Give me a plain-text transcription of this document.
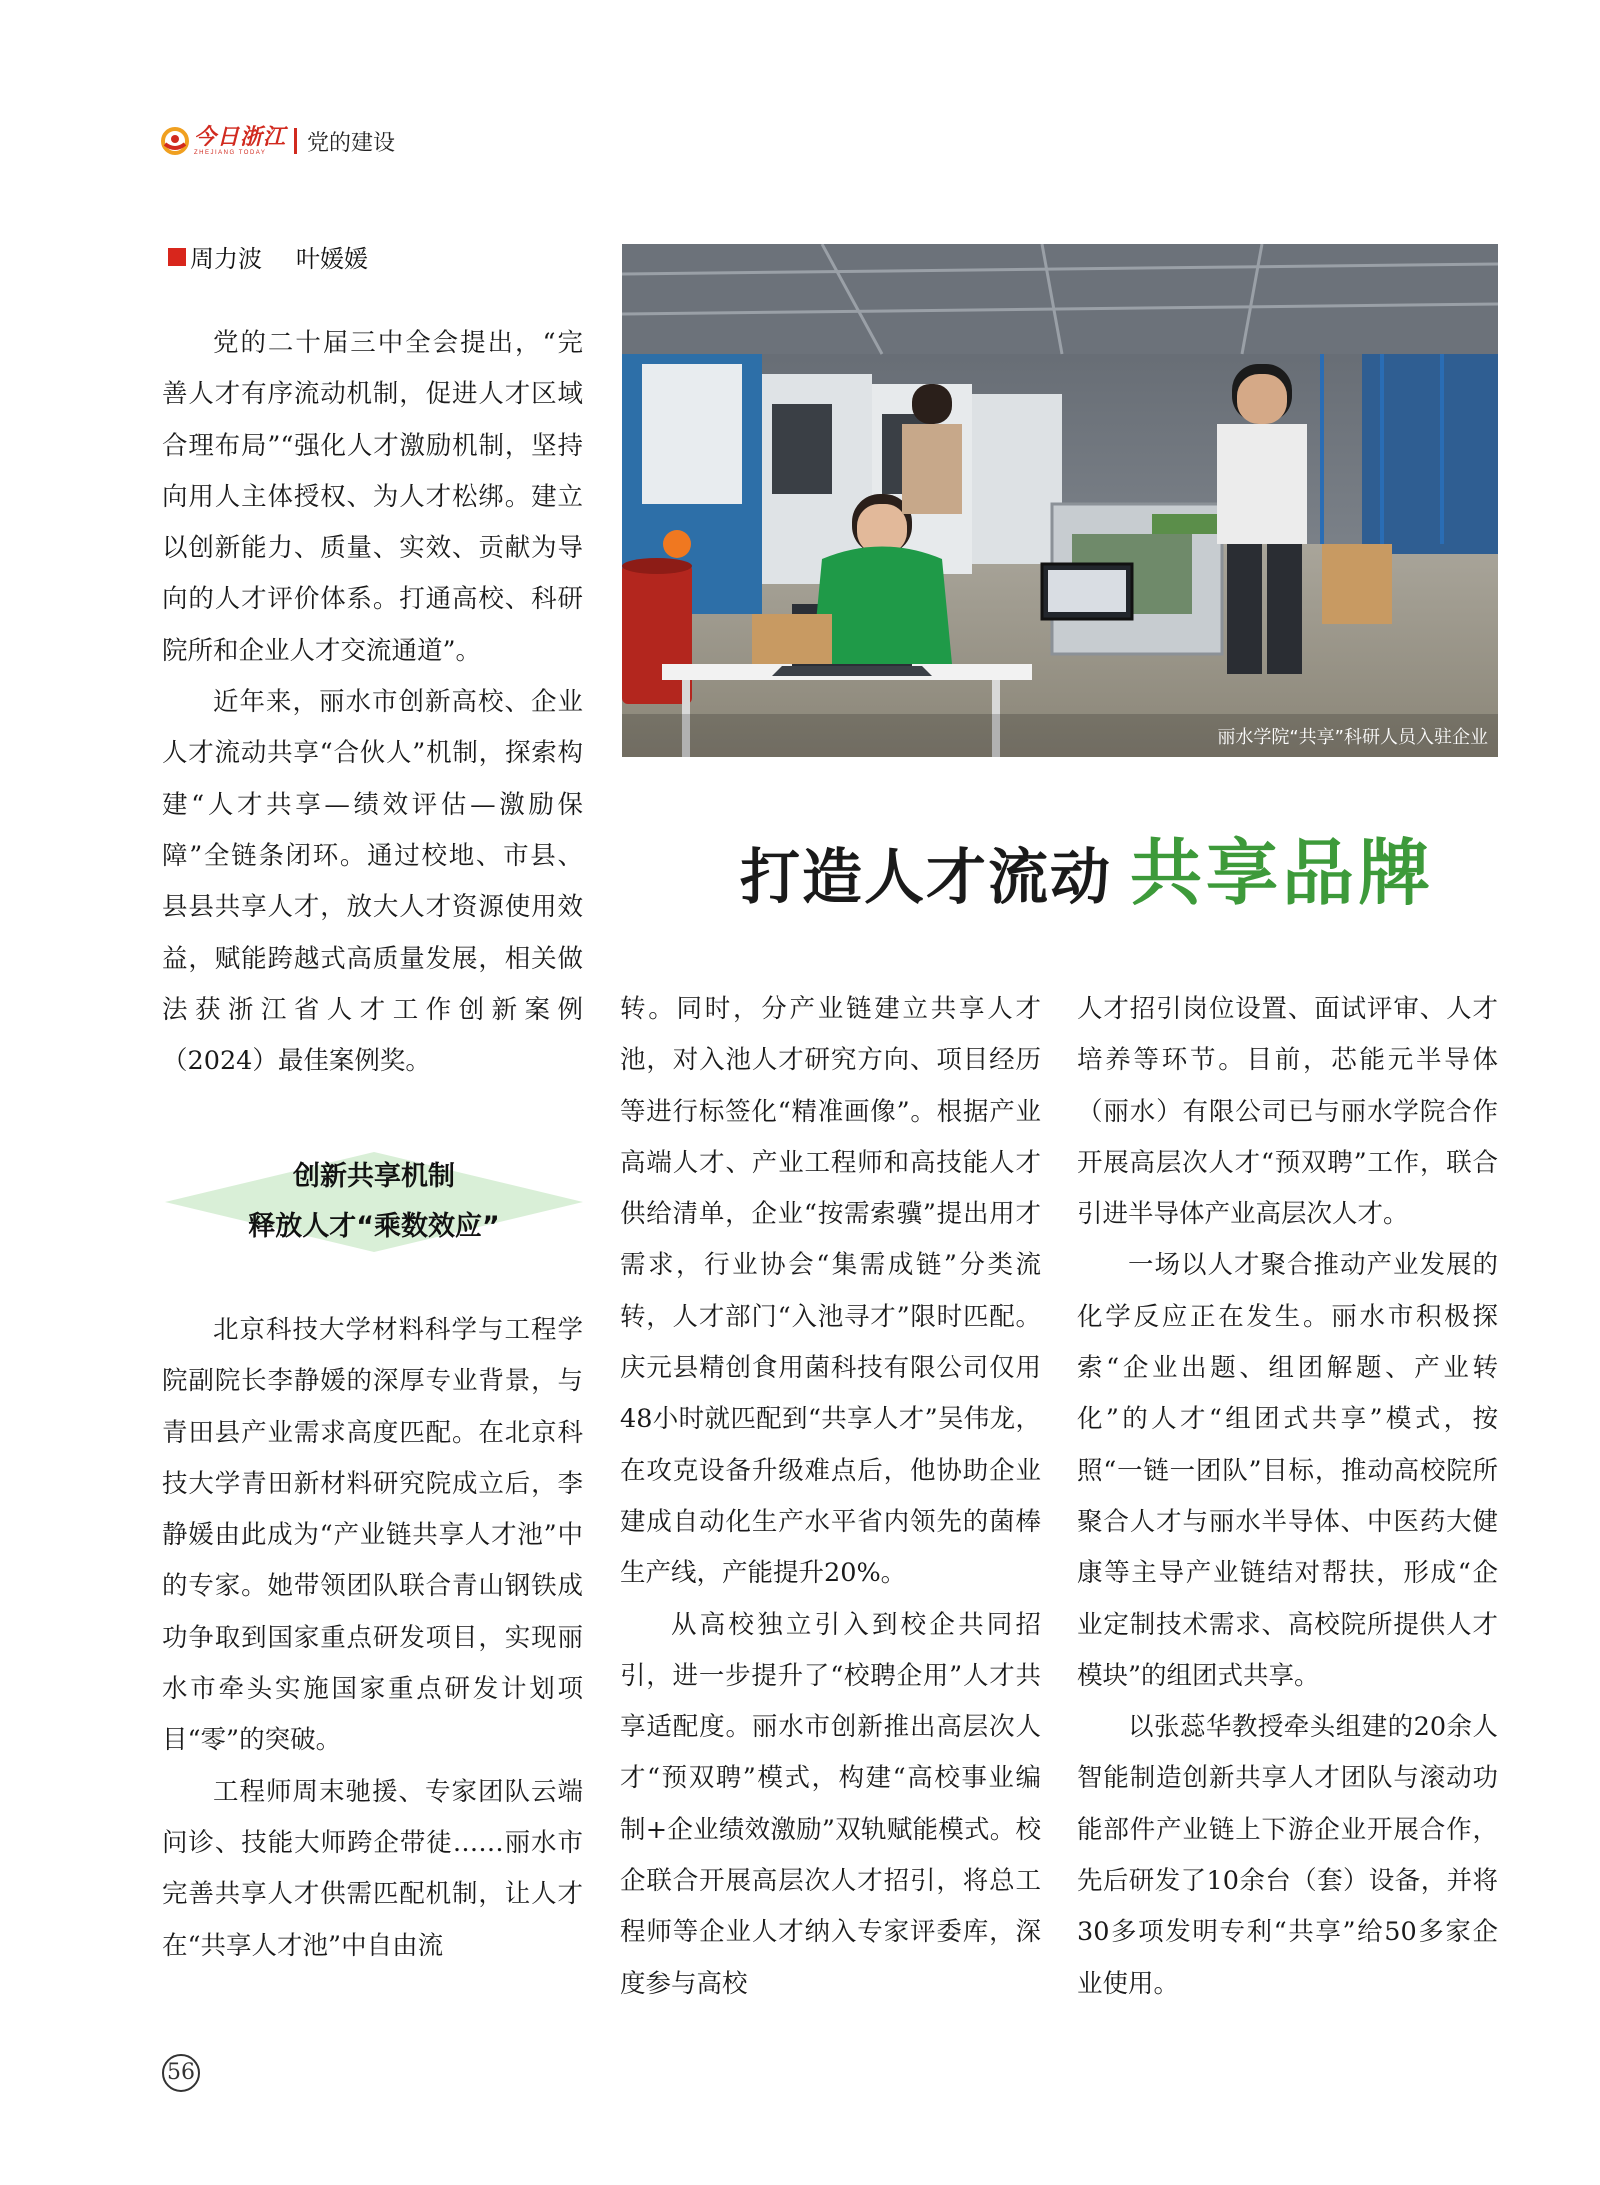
今日浙江
ZHEJIANG TODAY	党的建设
周力波 叶媛媛

党的二十届三中全会提出，“完善人才有序流动机制，促进人才区域合理布局”“强化人才激励机制，坚持向用人主体授权、为人才松绑。建立以创新能力、质量、实效、贡献为导向的人才评价体系。打通高校、科研院所和企业人才交流通道”。

近年来，丽水市创新高校、企业人才流动共享“合伙人”机制，探索构建“人才共享—绩效评估—激励保障”全链条闭环。通过校地、市县、县县共享人才，放大人才资源使用效益，赋能跨越式高质量发展，相关做法获浙江省人才工作创新案例（2024）最佳案例奖。

创新共享机制
释放人才“乘数效应”

北京科技大学材料科学与工程学院副院长李静媛的深厚专业背景，与青田县产业需求高度匹配。在北京科技大学青田新材料研究院成立后，李静媛由此成为“产业链共享人才池”中的专家。她带领团队联合青山钢铁成功争取到国家重点研发项目，实现丽水市牵头实施国家重点研发计划项目“零”的突破。

工程师周末驰援、专家团队云端问诊、技能大师跨企带徒……丽水市完善共享人才供需匹配机制，让人才在“共享人才池”中自由流

丽水学院“共享”科研人员入驻企业
打造人才流动 共享品牌

转。同时，分产业链建立共享人才池，对入池人才研究方向、项目经历等进行标签化“精准画像”。根据产业高端人才、产业工程师和高技能人才供给清单，企业“按需索骥”提出用才需求，行业协会“集需成链”分类流转，人才部门“入池寻才”限时匹配。庆元县精创食用菌科技有限公司仅用48小时就匹配到“共享人才”吴伟龙，在攻克设备升级难点后，他协助企业建成自动化生产水平省内领先的菌棒生产线，产能提升20%。

从高校独立引入到校企共同招引，进一步提升了“校聘企用”人才共享适配度。丽水市创新推出高层次人才“预双聘”模式，构建“高校事业编制+企业绩效激励”双轨赋能模式。校企联合开展高层次人才招引，将总工程师等企业人才纳入专家评委库，深度参与高校

人才招引岗位设置、面试评审、人才培养等环节。目前，芯能元半导体（丽水）有限公司已与丽水学院合作开展高层次人才“预双聘”工作，联合引进半导体产业高层次人才。

一场以人才聚合推动产业发展的化学反应正在发生。丽水市积极探索“企业出题、组团解题、产业转化”的人才“组团式共享”模式，按照“一链一团队”目标，推动高校院所聚合人才与丽水半导体、中医药大健康等主导产业链结对帮扶，形成“企业定制技术需求、高校院所提供人才模块”的组团式共享。

以张蕊华教授牵头组建的20余人智能制造创新共享人才团队与滚动功能部件产业链上下游企业开展合作，先后研发了10余台（套）设备，并将30多项发明专利“共享”给50多家企业使用。

56
